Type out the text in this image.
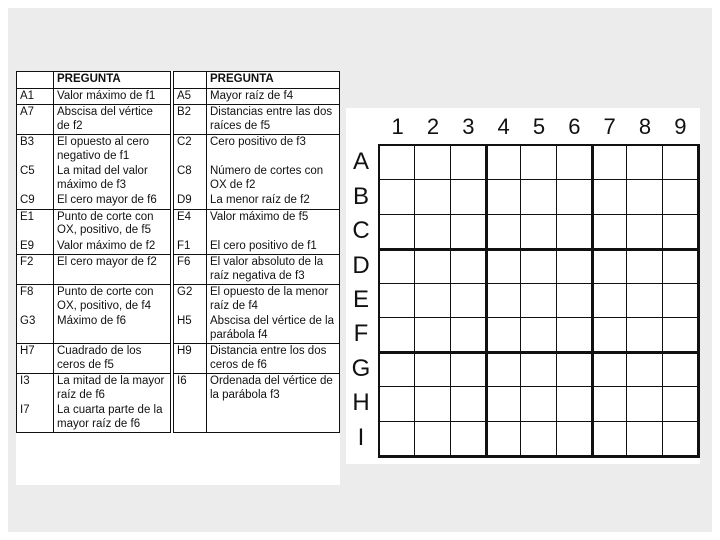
	PREGUNTA		PREGUNTA
A1	Valor máximo de f1	A5	Mayor raíz de f4
A7	Abscisa del vértice de f2	B2	Distancias entre las dos raíces de f5
B3	El opuesto al cero negativo de f1	C2	Cero positivo de f3
C5	La mitad del valor máximo de f3	C8	Número de cortes con OX de f2
C9	El cero mayor de f6	D9	La menor raíz de f2
E1	Punto de corte con OX, positivo, de f5	E4	Valor máximo de f5
E9	Valor máximo de f2	F1	El cero positivo de f1
F2	El cero mayor de f2	F6	El valor absoluto de la raíz negativa de f3
F8	Punto de corte con OX, positivo, de f4	G2	El opuesto de la menor raíz de f4
G3	Máximo de f6	H5	Abscisa del vértice de la parábola f4
H7	Cuadrado de los ceros de f5	H9	Distancia entre los dos ceros de f6
I3	La mitad de la mayor raíz de f6	I6	Ordenada del vértice de la parábola f3
I7	La cuarta parte de la mayor raíz de f6		
1	2	3	4	5	6	7	8	9
A
B
C
D
E
F
G
H
I
